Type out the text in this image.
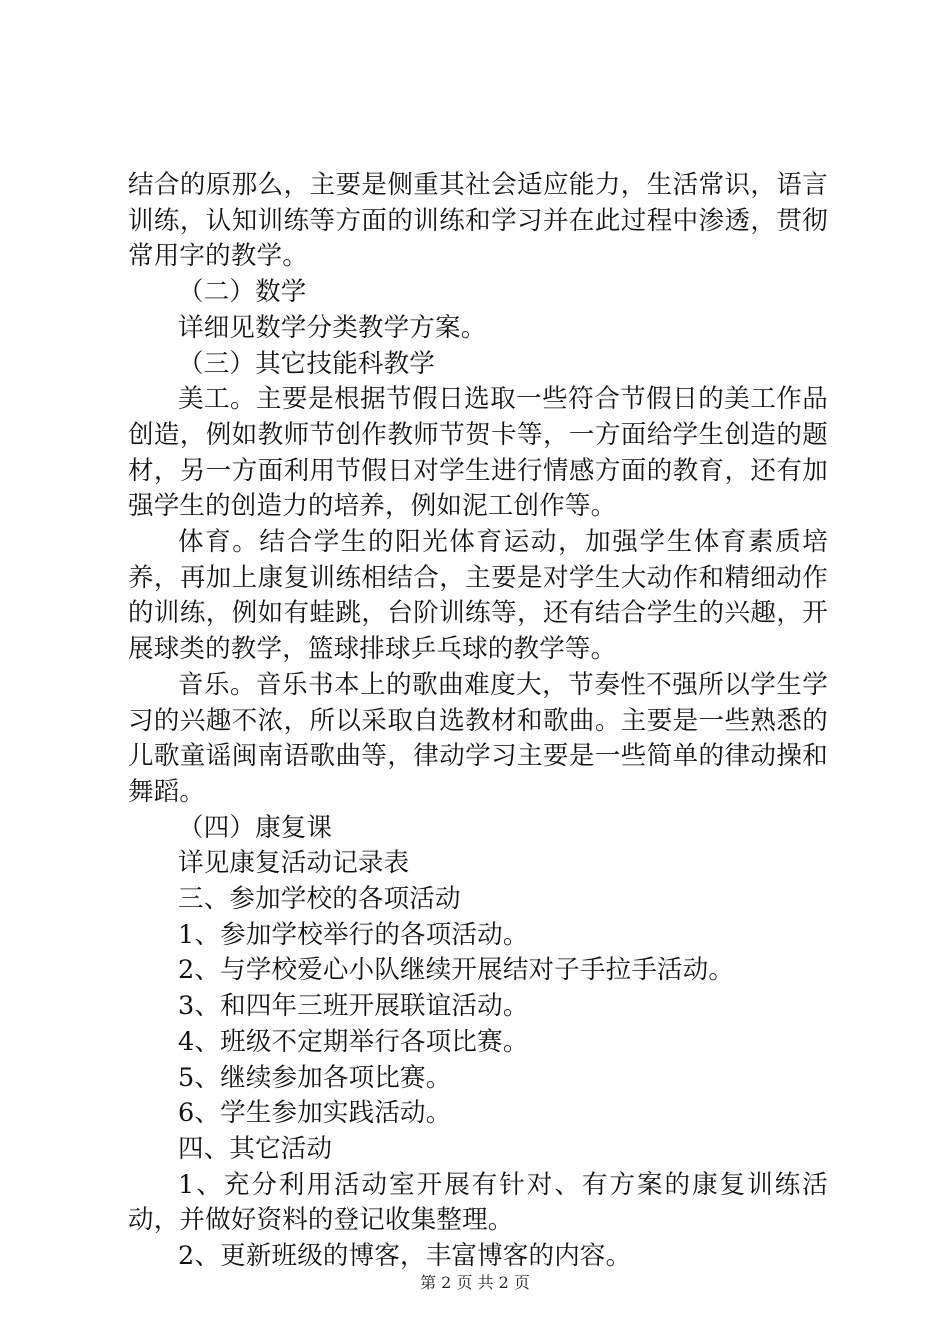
结合的原那么，主要是侧重其社会适应能力，生活常识，语言训练，认知训练等方面的训练和学习并在此过程中渗透，贯彻常用字的教学。

（二）数学

详细见数学分类教学方案。

（三）其它技能科教学

美工。主要是根据节假日选取一些符合节假日的美工作品创造，例如教师节创作教师节贺卡等，一方面给学生创造的题材，另一方面利用节假日对学生进行情感方面的教育，还有加强学生的创造力的培养，例如泥工创作等。

体育。结合学生的阳光体育运动，加强学生体育素质培养，再加上康复训练相结合，主要是对学生大动作和精细动作的训练，例如有蛙跳，台阶训练等，还有结合学生的兴趣，开展球类的教学，篮球排球乒乓球的教学等。

音乐。音乐书本上的歌曲难度大，节奏性不强所以学生学习的兴趣不浓，所以采取自选教材和歌曲。主要是一些熟悉的儿歌童谣闽南语歌曲等，律动学习主要是一些简单的律动操和舞蹈。

（四）康复课

详见康复活动记录表

三、参加学校的各项活动

1、参加学校举行的各项活动。

2、与学校爱心小队继续开展结对子手拉手活动。

3、和四年三班开展联谊活动。

4、班级不定期举行各项比赛。

5、继续参加各项比赛。

6、学生参加实践活动。

四、其它活动

1、充分利用活动室开展有针对、有方案的康复训练活动，并做好资料的登记收集整理。

2、更新班级的博客，丰富博客的内容。

第 2 页 共 2 页
